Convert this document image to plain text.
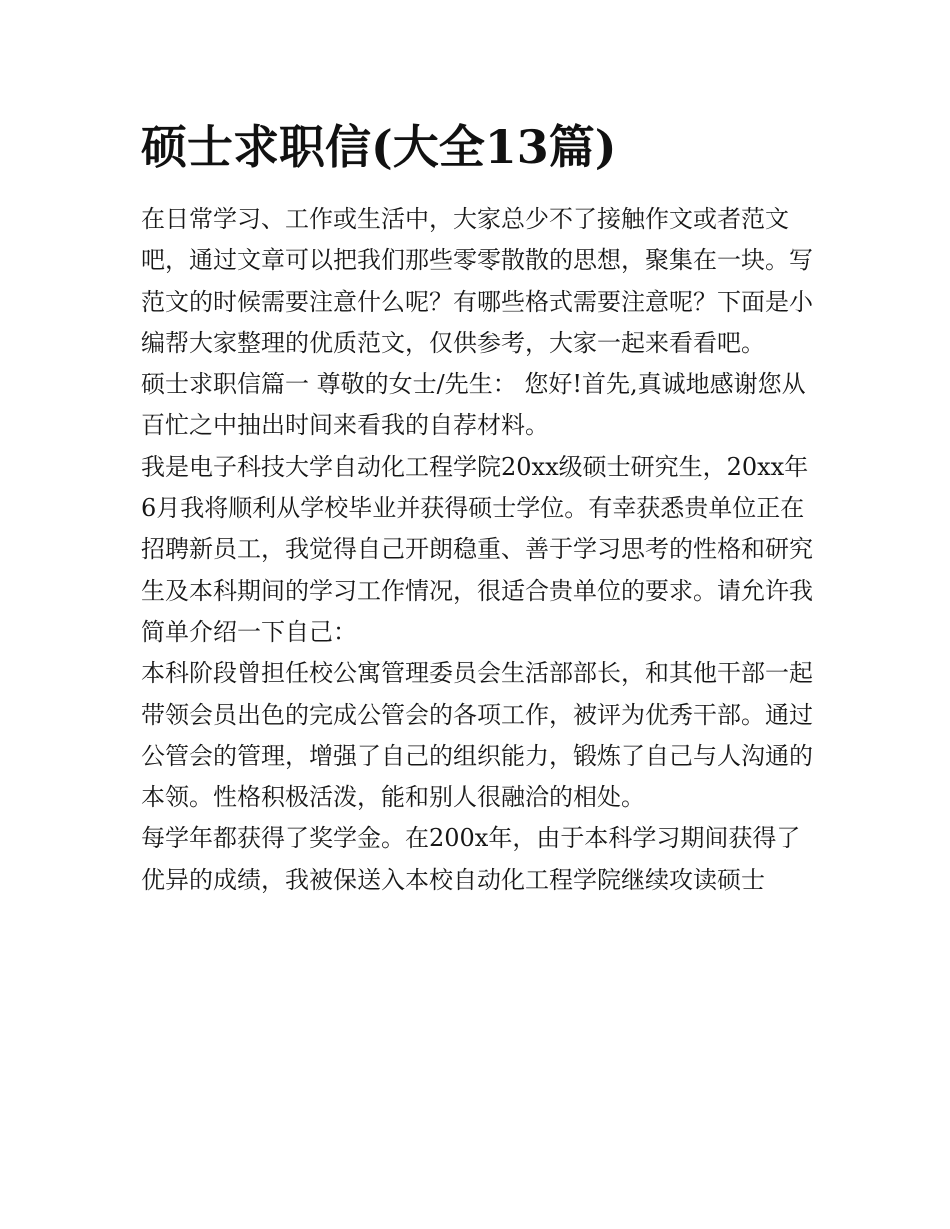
硕士求职信(大全13篇)

在日常学习、工作或生活中，大家总少不了接触作文或者范文吧，通过文章可以把我们那些零零散散的思想，聚集在一块。写范文的时候需要注意什么呢？有哪些格式需要注意呢？下面是小编帮大家整理的优质范文，仅供参考，大家一起来看看吧。

硕士求职信篇一 尊敬的女士/先生： 您好!首先,真诚地感谢您从百忙之中抽出时间来看我的自荐材料。

我是电子科技大学自动化工程学院20xx级硕士研究生，20xx年6月我将顺利从学校毕业并获得硕士学位。有幸获悉贵单位正在招聘新员工，我觉得自己开朗稳重、善于学习思考的性格和研究生及本科期间的学习工作情况，很适合贵单位的要求。请允许我简单介绍一下自己：

本科阶段曾担任校公寓管理委员会生活部部长，和其他干部一起带领会员出色的完成公管会的各项工作，被评为优秀干部。通过公管会的管理，增强了自己的组织能力，锻炼了自己与人沟通的本领。性格积极活泼，能和别人很融洽的相处。

每学年都获得了奖学金。在200x年，由于本科学习期间获得了优异的成绩，我被保送入本校自动化工程学院继续攻读硕士
